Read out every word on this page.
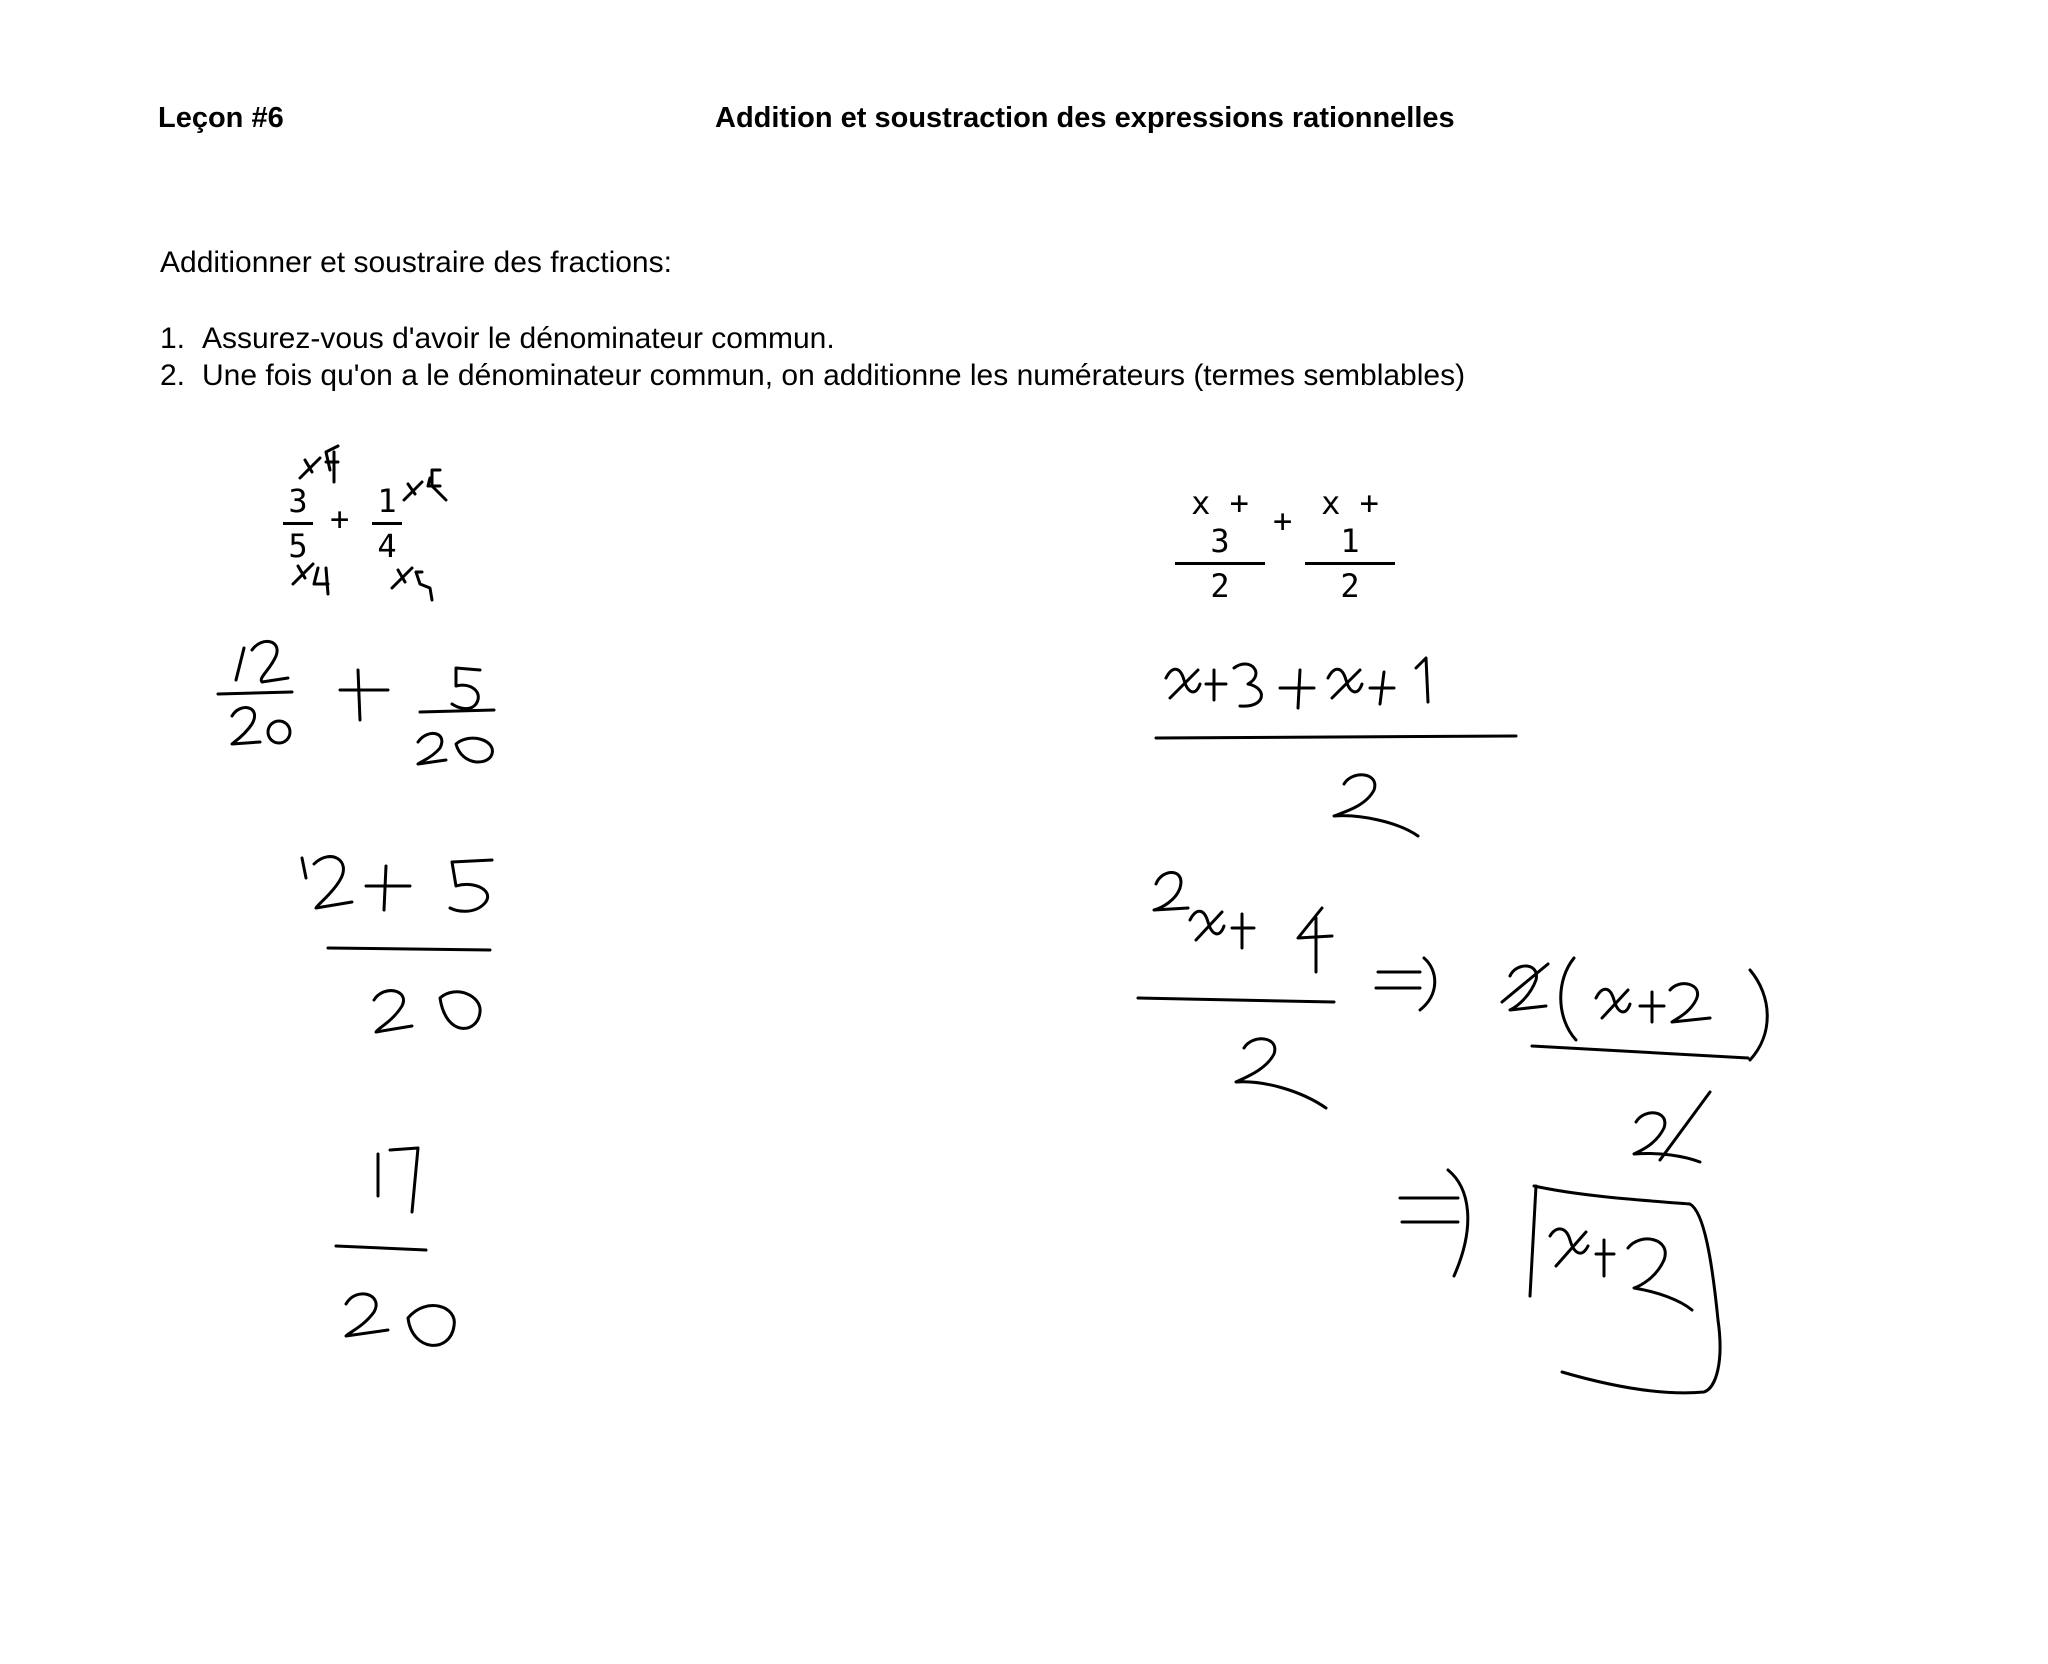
Leçon #6	Addition et soustraction des expressions rationnelles
Additionner et soustraire des fractions:
1. Assurez-vous d'avoir le dénominateur commun.
2. Une fois qu'on a le dénominateur commun, on additionne les numérateurs (termes semblables)
3
5
+ 1
4
x + 3
2
+ x + 1
2
